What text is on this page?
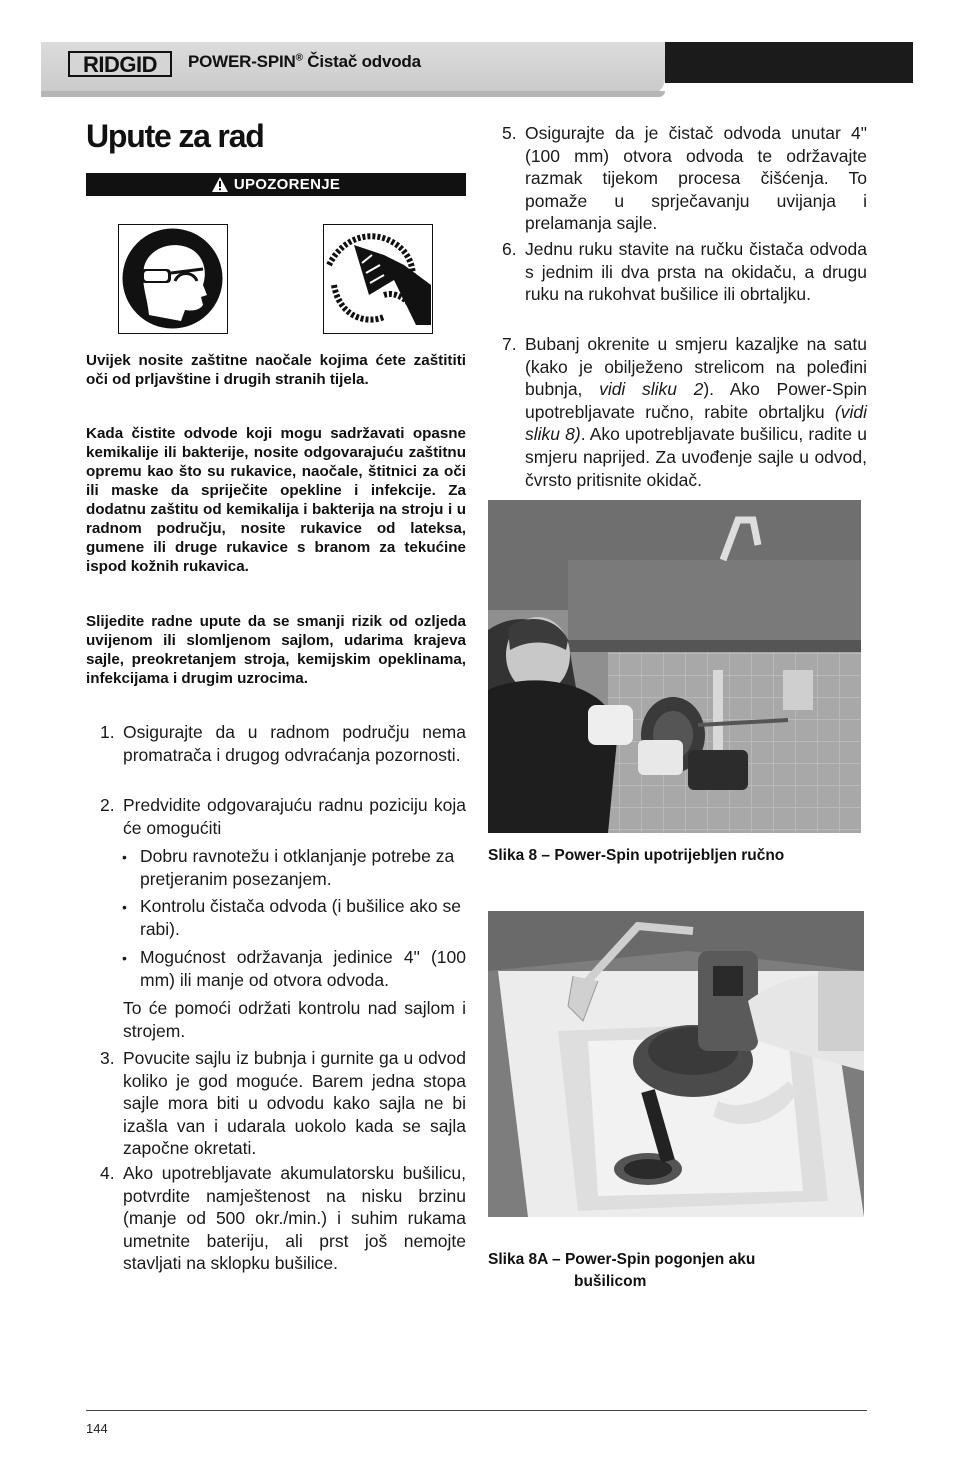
RIDGID POWER-SPIN® Čistač odvoda
Upute za rad
UPOZORENJE

Uvijek nosite zaštitne naočale kojima ćete zaštititi oči od prljavštine i drugih stranih tijela.

Kada čistite odvode koji mogu sadržavati opasne kemikalije ili bakterije, nosite odgovarajuću zaštitnu opremu kao što su rukavice, naočale, štitnici za oči ili maske da spriječite opekline i infekcije. Za dodatnu zaštitu od kemikalija i bakterija na stroju i u radnom području, nosite rukavice od lateksa, gumene ili druge rukavice s branom za tekućine ispod kožnih rukavica.

Slijedite radne upute da se smanji rizik od ozljeda uvijenom ili slomljenom sajlom, udarima krajeva sajle, preokretanjem stroja, kemijskim opeklinama, infekcijama i drugim uzrocima.

1. Osigurajte da u radnom području nema promatrača i drugog odvraćanja pozornosti.

2. Predvidite odgovarajuću radnu poziciju koja će omogućiti

• Dobru ravnotežu i otklanjanje potrebe za pretjeranim posezanjem.

• Kontrolu čistača odvoda (i bušilice ako se rabi).

• Mogućnost održavanja jedinice 4" (100 mm) ili manje od otvora odvoda.

To će pomoći održati kontrolu nad sajlom i strojem.

3. Povucite sajlu iz bubnja i gurnite ga u odvod koliko je god moguće. Barem jedna stopa sajle mora biti u odvodu kako sajla ne bi izašla van i udarala uokolo kada se sajla započne okretati.

4. Ako upotrebljavate akumulatorsku bušilicu, potvrdite namještenost na nisku brzinu (manje od 500 okr./min.) i suhim rukama umetnite bateriju, ali prst još nemojte stavljati na sklopku bušilice.

5. Osigurajte da je čistač odvoda unutar 4" (100 mm) otvora odvoda te održavajte razmak tijekom procesa čišćenja. To pomaže u sprječavanju uvijanja i prelamanja sajle.

6. Jednu ruku stavite na ručku čistača odvoda s jednim ili dva prsta na okidaču, a drugu ruku na rukohvat bušilice ili obrtaljku.

7. Bubanj okrenite u smjeru kazaljke na satu (kako je obilježeno strelicom na poleđini bubnja, vidi sliku 2). Ako Power-Spin upotrebljavate ručno, rabite obrtaljku (vidi sliku 8). Ako upotrebljavate bušilicu, radite u smjeru naprijed. Za uvođenje sajle u odvod, čvrsto pritisnite okidač.

Slika 8 – Power-Spin upotrijebljen ručno
Slika 8A – Power-Spin pogonjen aku
bušilicom
144
